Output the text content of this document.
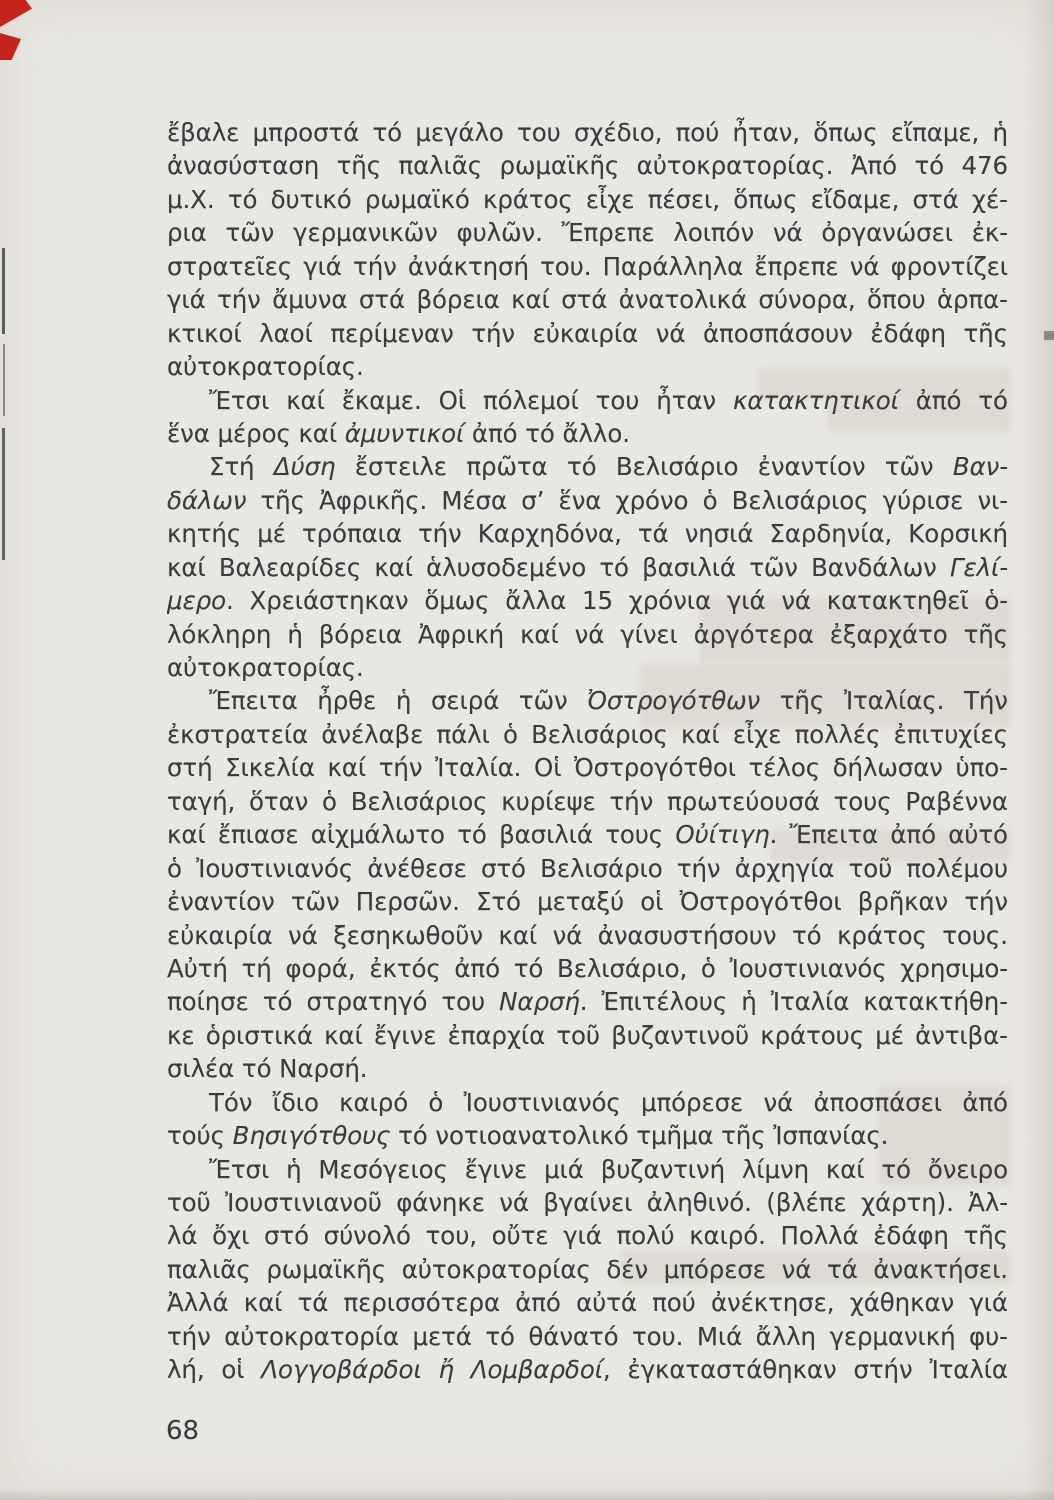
ἔβαλε μπροστά τό μεγάλο του σχέδιο, πού ἦταν, ὅπως εἴπαμε, ἡ
ἀνασύσταση τῆς παλιᾶς ρωμαϊκῆς αὐτοκρατορίας. Ἀπό τό 476
μ.Χ. τό δυτικό ρωμαϊκό κράτος εἶχε πέσει, ὅπως εἴδαμε, στά χέ-
ρια τῶν γερμανικῶν φυλῶν. Ἔπρεπε λοιπόν νά ὀργανώσει ἐκ-
στρατεῖες γιά τήν ἀνάκτησή του. Παράλληλα ἔπρεπε νά φροντίζει
γιά τήν ἄμυνα στά βόρεια καί στά ἀνατολικά σύνορα, ὅπου ἁρπα-
κτικοί λαοί περίμεναν τήν εὐκαιρία νά ἀποσπάσουν ἐδάφη τῆς
αὐτοκρατορίας.
Ἔτσι καί ἔκαμε. Οἱ πόλεμοί του ἦταν κατακτητικοί ἀπό τό
ἕνα μέρος καί ἀμυντικοί ἀπό τό ἄλλο.
Στή Δύση ἔστειλε πρῶτα τό Βελισάριο ἐναντίον τῶν Βαν-
δάλων τῆς Ἀφρικῆς. Μέσα σ’ ἕνα χρόνο ὁ Βελισάριος γύρισε νι-
κητής μέ τρόπαια τήν Καρχηδόνα, τά νησιά Σαρδηνία, Κορσική
καί Βαλεαρίδες καί ἁλυσοδεμένο τό βασιλιά τῶν Βανδάλων Γελί-
μερο. Χρειάστηκαν ὅμως ἄλλα 15 χρόνια γιά νά κατακτηθεῖ ὁ-
λόκληρη ἡ βόρεια Ἀφρική καί νά γίνει ἀργότερα ἐξαρχάτο τῆς
αὐτοκρατορίας.
Ἔπειτα ἦρθε ἡ σειρά τῶν Ὀστρογότθων τῆς Ἰταλίας. Τήν
ἐκστρατεία ἀνέλαβε πάλι ὁ Βελισάριος καί εἶχε πολλές ἐπιτυχίες
στή Σικελία καί τήν Ἰταλία. Οἱ Ὀστρογότθοι τέλος δήλωσαν ὑπο-
ταγή, ὅταν ὁ Βελισάριος κυρίεψε τήν πρωτεύουσά τους Ραβέννα
καί ἔπιασε αἰχμάλωτο τό βασιλιά τους Οὐίτιγη. Ἔπειτα ἀπό αὐτό
ὁ Ἰουστινιανός ἀνέθεσε στό Βελισάριο τήν ἀρχηγία τοῦ πολέμου
ἐναντίον τῶν Περσῶν. Στό μεταξύ οἱ Ὀστρογότθοι βρῆκαν τήν
εὐκαιρία νά ξεσηκωθοῦν καί νά ἀνασυστήσουν τό κράτος τους.
Αὐτή τή φορά, ἐκτός ἀπό τό Βελισάριο, ὁ Ἰουστινιανός χρησιμο-
ποίησε τό στρατηγό του Ναρσή. Ἐπιτέλους ἡ Ἰταλία κατακτήθη-
κε ὁριστικά καί ἔγινε ἐπαρχία τοῦ βυζαντινοῦ κράτους μέ ἀντιβα-
σιλέα τό Ναρσή.
Τόν ἴδιο καιρό ὁ Ἰουστινιανός μπόρεσε νά ἀποσπάσει ἀπό
τούς Βησιγότθους τό νοτιοανατολικό τμῆμα τῆς Ἰσπανίας.
Ἔτσι ἡ Μεσόγειος ἔγινε μιά βυζαντινή λίμνη καί τό ὄνειρο
τοῦ Ἰουστινιανοῦ φάνηκε νά βγαίνει ἀληθινό. (βλέπε χάρτη). Ἀλ-
λά ὄχι στό σύνολό του, οὔτε γιά πολύ καιρό. Πολλά ἐδάφη τῆς
παλιᾶς ρωμαϊκῆς αὐτοκρατορίας δέν μπόρεσε νά τά ἀνακτήσει.
Ἀλλά καί τά περισσότερα ἀπό αὐτά πού ἀνέκτησε, χάθηκαν γιά
τήν αὐτοκρατορία μετά τό θάνατό του. Μιά ἄλλη γερμανική φυ-
λή, οἱ Λογγοβάρδοι ἤ Λομβαρδοί, ἐγκαταστάθηκαν στήν Ἰταλία
68
